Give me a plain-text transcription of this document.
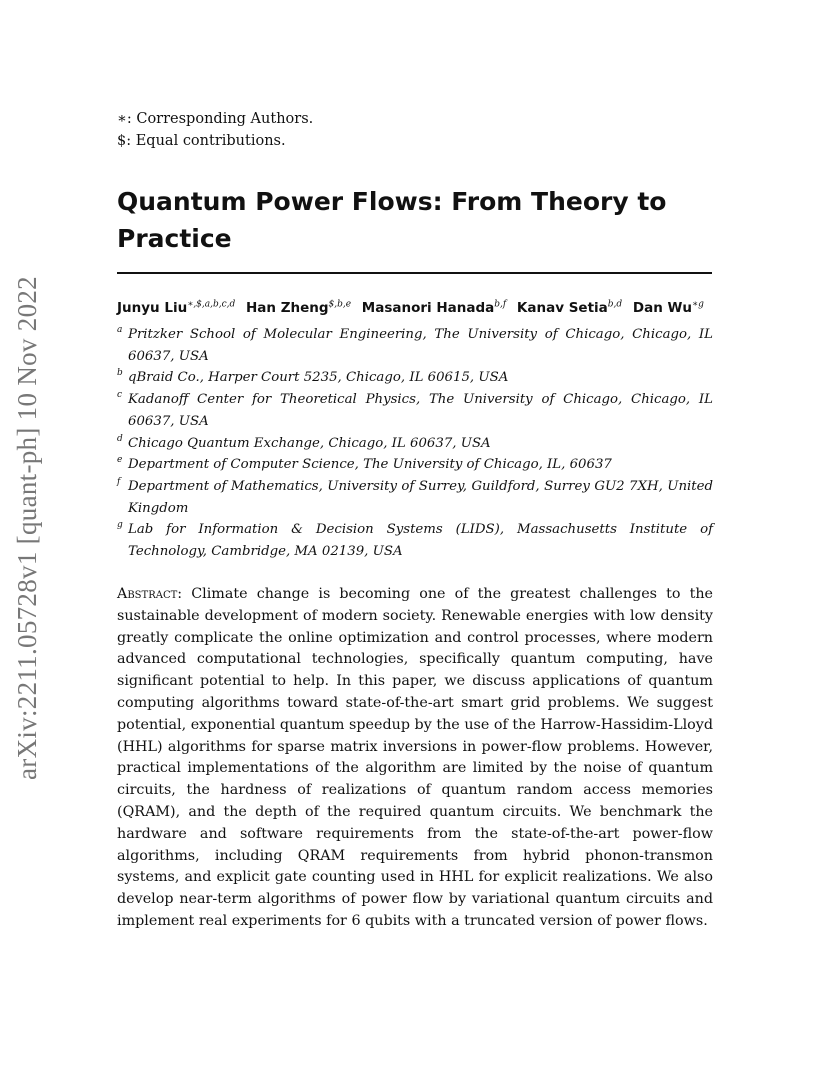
arXiv:2211.05728v1 [quant-ph] 10 Nov 2022
∗: Corresponding Authors.
$: Equal contributions.
Quantum Power Flows: From Theory to Practice
Junyu Liu$^{∗,\$,a,b,c,d}$ Han Zheng$^{\$,b,e}$ Masanori Hanada$^{b,f}$ Kanav Setia$^{b,d}$ Dan $Wu^{∗g}$
a Pritzker School of Molecular Engineering, The University of Chicago, Chicago, IL 60637, USA
b qBraid Co., Harper Court 5235, Chicago, IL 60615, USA
c Kadanoff Center for Theoretical Physics, The University of Chicago, Chicago, IL 60637, USA
d Chicago Quantum Exchange, Chicago, IL 60637, USA
e Department of Computer Science, The University of Chicago, IL, 60637
f Department of Mathematics, University of Surrey, Guildford, Surrey GU2 7XH, United Kingdom
g Lab for Information & Decision Systems (LIDS), Massachusetts Institute of Technology, Cambridge, MA 02139, USA

Abstract: Climate change is becoming one of the greatest challenges to the sustainable development of modern society. Renewable energies with low density greatly complicate the online optimization and control processes, where modern advanced computational technologies, specifically quantum computing, have significant potential to help. In this paper, we discuss applications of quantum computing algorithms toward state-of-the-art smart grid problems. We suggest potential, exponential quantum speedup by the use of the Harrow-Hassidim-Lloyd (HHL) algorithms for sparse matrix inversions in power-flow problems. However, practical implementations of the algorithm are limited by the noise of quantum circuits, the hardness of realizations of quantum random access memories (QRAM), and the depth of the required quantum circuits. We benchmark the hardware and software requirements from the state-of-the-art power-flow algorithms, including QRAM requirements from hybrid phonon-transmon systems, and explicit gate counting used in HHL for explicit realizations. We also develop near-term algorithms of power flow by variational quantum circuits and implement real experiments for 6 qubits with a truncated version of power flows.
